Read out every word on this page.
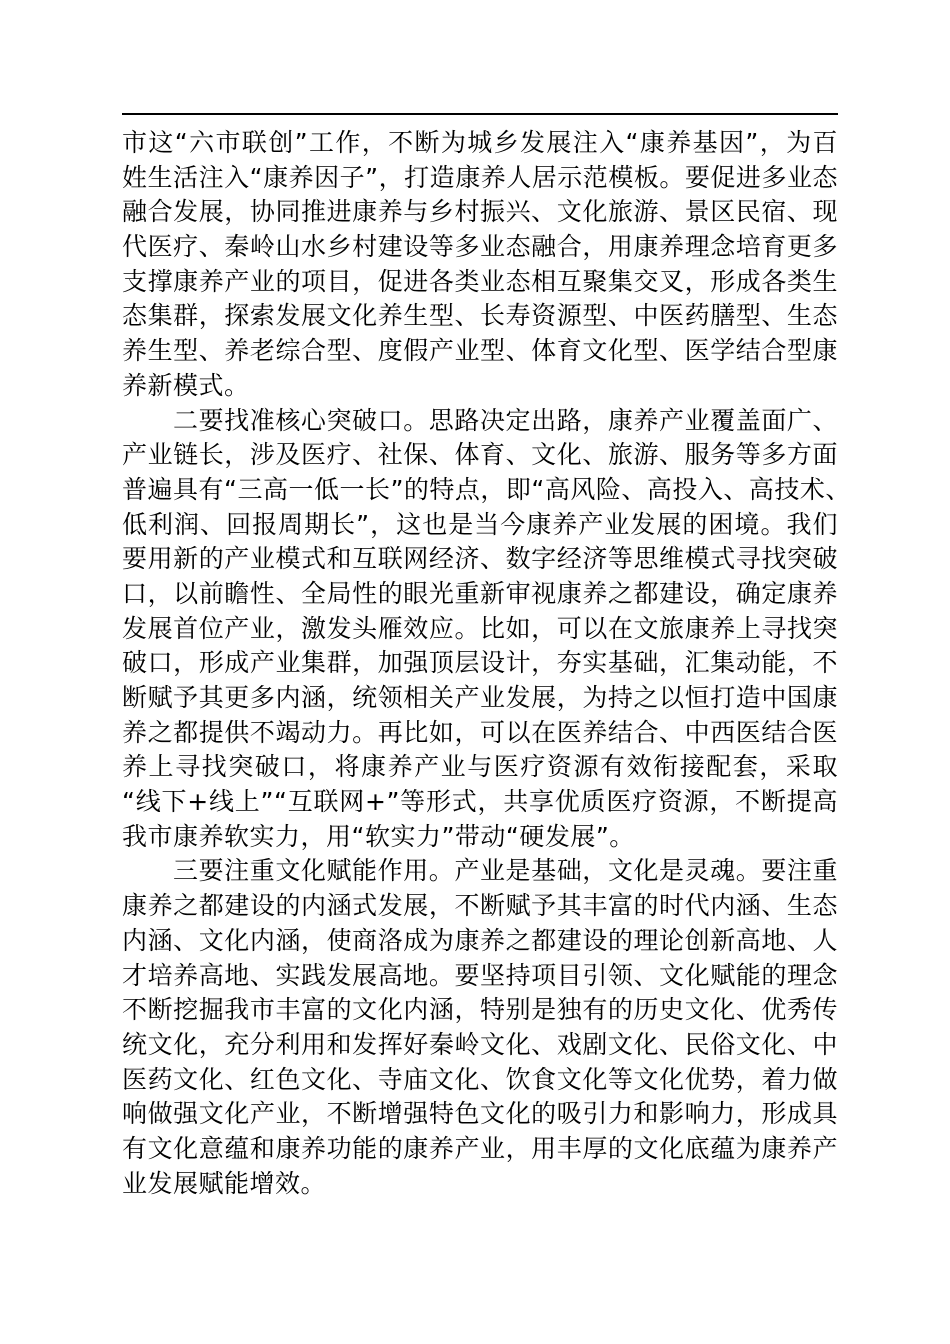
市这“六市联创”工作，不断为城乡发展注入“康养基因”，为百
姓生活注入“康养因子”，打造康养人居示范模板。要促进多业态
融合发展，协同推进康养与乡村振兴、文化旅游、景区民宿、现
代医疗、秦岭山水乡村建设等多业态融合，用康养理念培育更多
支撑康养产业的项目，促进各类业态相互聚集交叉，形成各类生
态集群，探索发展文化养生型、长寿资源型、中医药膳型、生态
养生型、养老综合型、度假产业型、体育文化型、医学结合型康
养新模式。
二要找准核心突破口。思路决定出路，康养产业覆盖面广、
产业链长，涉及医疗、社保、体育、文化、旅游、服务等多方面
普遍具有“三高一低一长”的特点，即“高风险、高投入、高技术、
低利润、回报周期长”，这也是当今康养产业发展的困境。我们
要用新的产业模式和互联网经济、数字经济等思维模式寻找突破
口，以前瞻性、全局性的眼光重新审视康养之都建设，确定康养
发展首位产业，激发头雁效应。比如，可以在文旅康养上寻找突
破口，形成产业集群，加强顶层设计，夯实基础，汇集动能，不
断赋予其更多内涵，统领相关产业发展，为持之以恒打造中国康
养之都提供不竭动力。再比如，可以在医养结合、中西医结合医
养上寻找突破口，将康养产业与医疗资源有效衔接配套，采取
“线下+线上”“互联网+”等形式，共享优质医疗资源，不断提高
我市康养软实力，用“软实力”带动“硬发展”。
三要注重文化赋能作用。产业是基础，文化是灵魂。要注重
康养之都建设的内涵式发展，不断赋予其丰富的时代内涵、生态
内涵、文化内涵，使商洛成为康养之都建设的理论创新高地、人
才培养高地、实践发展高地。要坚持项目引领、文化赋能的理念
不断挖掘我市丰富的文化内涵，特别是独有的历史文化、优秀传
统文化，充分利用和发挥好秦岭文化、戏剧文化、民俗文化、中
医药文化、红色文化、寺庙文化、饮食文化等文化优势，着力做
响做强文化产业，不断增强特色文化的吸引力和影响力，形成具
有文化意蕴和康养功能的康养产业，用丰厚的文化底蕴为康养产
业发展赋能增效。
